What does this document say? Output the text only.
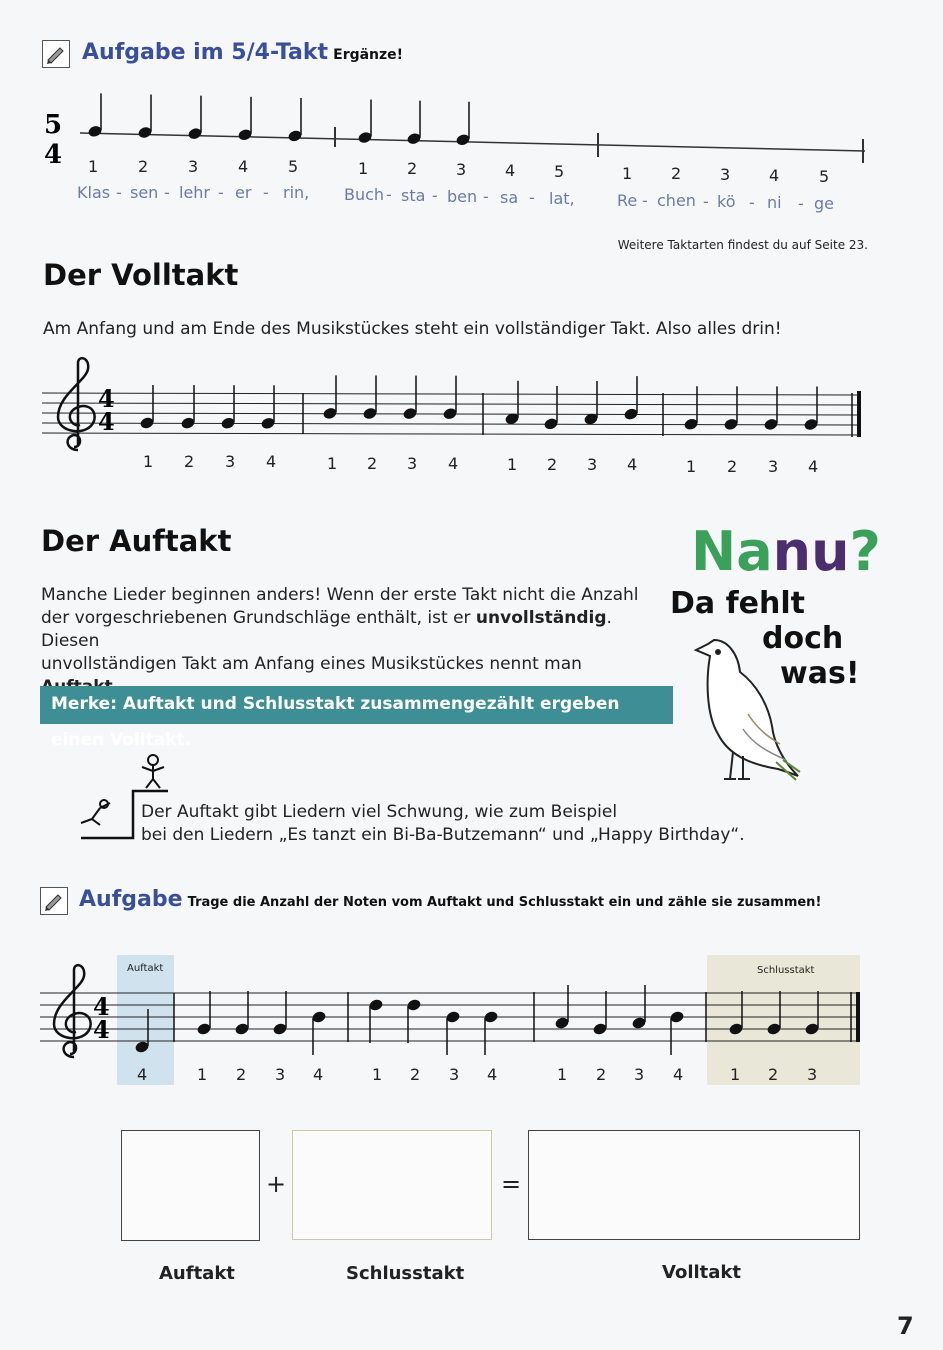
Aufgabe im 5/4-Takt Ergänze!
5
4 1 2 3 4 5	1 2 3 4 5	1 2 3 4 5
Klas - sen - lehr - er - rin, Buch - sta - ben - sa - lat,	Re - chen - kö - ni - ge
Weitere Taktarten findest du auf Seite 23.
Der Volltakt
Am Anfang und am Ende des Musikstückes steht ein vollständiger Takt. Also alles drin!
4
4
1 2 3 4	1 2 3 4	1 2 3 4	1 2 3 4
Der Auftakt
Manche Lieder beginnen anders! Wenn der erste Takt nicht die Anzahl
der vorgeschriebenen Grundschläge enthält, ist er unvollständig. Diesen
unvollständigen Takt am Anfang eines Musikstückes nennt man
Merke: Auftakt und Schlusstakt zusammengezählt ergeben einen Volltakt.
Der Auftakt gibt Liedern viel Schwung, wie zum Beispiel
bei den Liedern „Es tanzt ein Bi-Ba-Butzemann“ und „Happy Birthday“.
Nanu?
Da fehlt
doch
was!
Aufgabe Trage die Anzahl der Noten vom Auftakt und Schlusstakt ein und zähle sie zusammen!
Auftakt	Schlusstakt
4
4
4	1 2 3 4	1 2 3 4	1 2 3 4	1 2 3
+	=
Auftakt	Schlusstakt	Volltakt
7
